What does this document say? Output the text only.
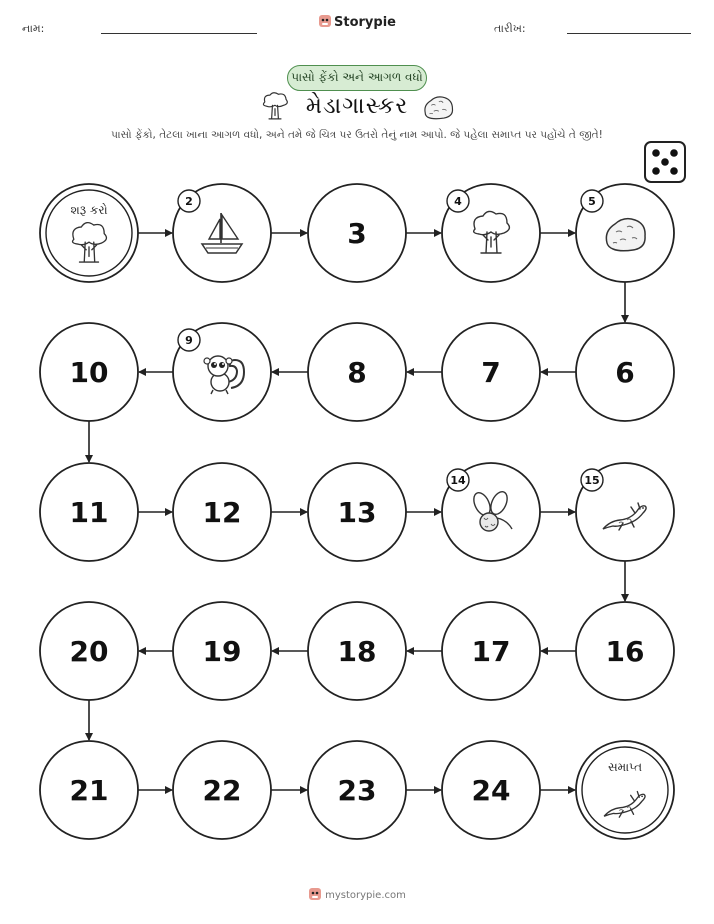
નામ:	Storypie	તારીખ:
પાસો ફેંકો અને આગળ વધો
મેડાગાસ્કર
પાસો ફેંકો, તેટલા ખાના આગળ વધો, અને તમે જે ચિત્ર પર ઉતરો તેનું નામ આપો. જે પહેલા સમાપ્ત પર પહોંચે તે જીતે!
શરૂ કરો
2
3
4	5
6
7
8
9
10
11	12	13
14	15
16
17
18
19
20
21	22	23	24
સમાપ્ત
mystorypie.com
